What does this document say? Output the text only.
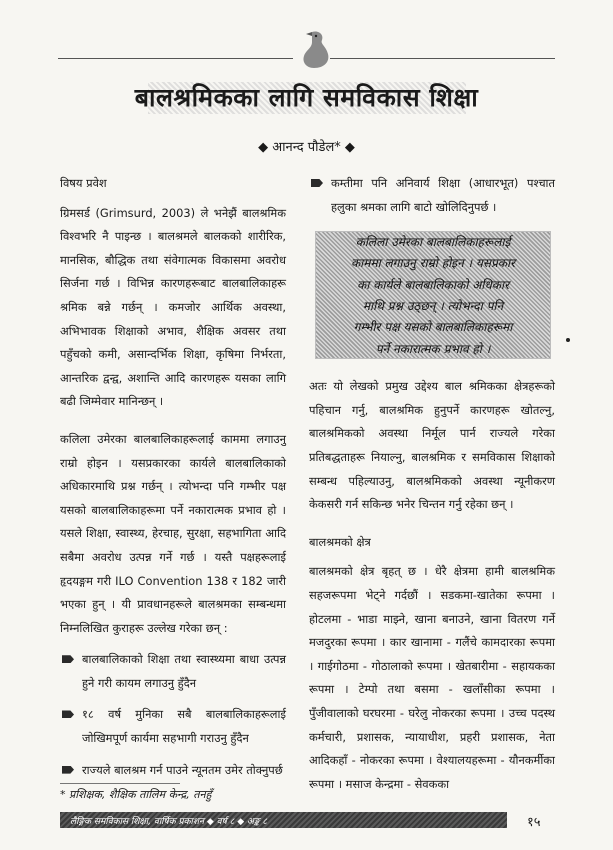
बालश्रमिकका लागि समविकास शिक्षा
◆ आनन्द पौडेल* ◆

विषय प्रवेश

ग्रिमसर्ड (Grimsurd, 2003) ले भनेझैं बालश्रमिक विश्वभरि नै पाइन्छ । बालश्रमले बालकको शारीरिक, मानसिक, बौद्धिक तथा संवेगात्मक विकासमा अवरोध सिर्जना गर्छ । विभिन्न कारणहरूबाट बालबालिकाहरू श्रमिक बन्ने गर्छन् । कमजोर आर्थिक अवस्था, अभिभावक शिक्षाको अभाव, शैक्षिक अवसर तथा पहुँचको कमी, असान्दर्भिक शिक्षा, कृषिमा निर्भरता, आन्तरिक द्वन्द्व, अशान्ति आदि कारणहरू यसका लागि बढी जिम्मेवार मानिन्छन् ।

कलिला उमेरका बालबालिकाहरूलाई काममा लगाउनु राम्रो होइन । यसप्रकारका कार्यले बालबालिकाको अधिकारमाथि प्रश्न गर्छन् । त्योभन्दा पनि गम्भीर पक्ष यसको बालबालिकाहरूमा पर्ने नकारात्मक प्रभाव हो । यसले शिक्षा, स्वास्थ्य, हेरचाह, सुरक्षा, सहभागिता आदि सबैमा अवरोध उत्पन्न गर्ने गर्छ । यस्तै पक्षहरूलाई हृदयङ्गम गरी ILO Convention 138 र 182 जारी भएका हुन् । यी प्रावधानहरूले बालश्रमका सम्बन्धमा निम्नलिखित कुराहरू उल्लेख गरेका छन् :

बालबालिकाको शिक्षा तथा स्वास्थ्यमा बाधा उत्पन्न हुने गरी कायम लगाउनु हुँदैन

१८ वर्ष मुनिका सबै बालबालिकाहरूलाई जोखिमपूर्ण कार्यमा सहभागी गराउनु हुँदैन

राज्यले बालश्रम गर्न पाउने न्यूनतम उमेर तोक्नुपर्छ

कम्तीमा पनि अनिवार्य शिक्षा (आधारभूत) पश्चात हलुका श्रमका लागि बाटो खोलिदिनुपर्छ ।

कलिला उमेरका बालबालिकाहरूलाई

काममा लगाउनु राम्रो होइन । यसप्रकार

का कार्यले बालबालिकाको अधिकार

माथि प्रश्न उठ्छन् । त्योभन्दा पनि

गम्भीर पक्ष यसको बालबालिकाहरूमा

पर्ने नकारात्मक प्रभाव हो ।

अतः यो लेखको प्रमुख उद्देश्य बाल श्रमिकका क्षेत्रहरूको पहिचान गर्नु, बालश्रमिक हुनुपर्ने कारणहरू खोतल्नु, बालश्रमिकको अवस्था निर्मूल पार्न राज्यले गरेका प्रतिबद्धताहरू नियाल्नु, बालश्रमिक र समविकास शिक्षाको सम्बन्ध पहिल्याउनु, बालश्रमिकको अवस्था न्यूनीकरण केकसरी गर्न सकिन्छ भनेर चिन्तन गर्नु रहेका छन् ।

बालश्रमको क्षेत्र

बालश्रमको क्षेत्र बृहत् छ । धेरै क्षेत्रमा हामी बालश्रमिक सहजरूपमा भेट्ने गर्दछौं । सडकमा-खातेका रूपमा । होटलमा - भाडा माझ्ने, खाना बनाउने, खाना वितरण गर्ने मजदुरका रूपमा । कार खानामा - गलैंचे कामदारका रूपमा । गाईगोठमा - गोठालाको रूपमा । खेतबारीमा - सहायकका रूपमा । टेम्पो तथा बसमा - खलाँसीका रूपमा । पुँजीवालाको घरघरमा - घरेलु नोकरका रूपमा । उच्च पदस्थ कर्मचारी, प्रशासक, न्यायाधीश, प्रहरी प्रशासक, नेता आदिकहाँ - नोकरका रूपमा । वेश्यालयहरूमा - यौनकर्मीका रूपमा । मसाज केन्द्रमा - सेवकका

* प्रशिक्षक, शैक्षिक तालिम केन्द्र, तनहुँ
लैङ्गिक समविकास शिक्षा, वार्षिक प्रकाशन ◆ वर्ष ८ ◆ अङ्क ८	१५
